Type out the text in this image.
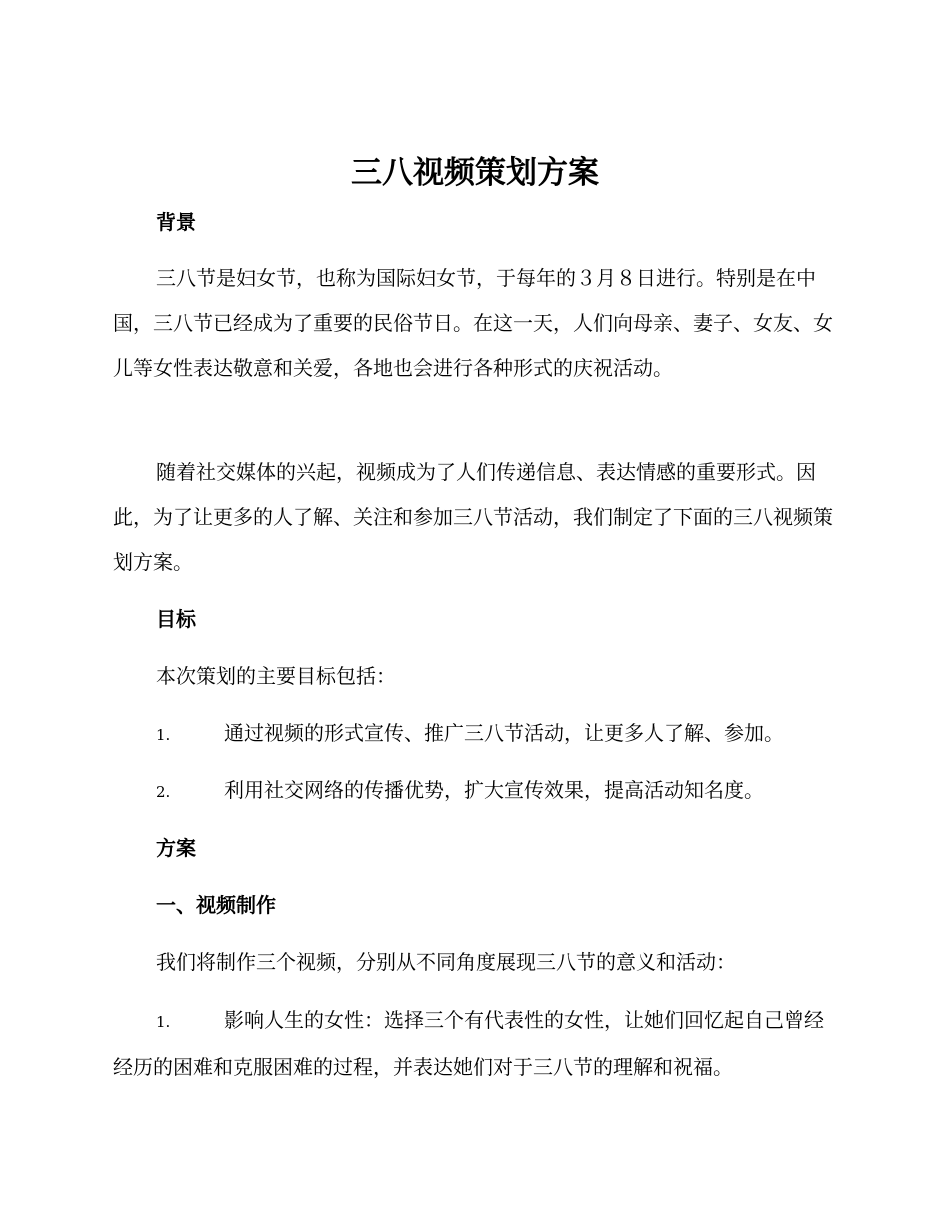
三八视频策划方案
背景

三八节是妇女节，也称为国际妇女节，于每年的３月８日进行。特别是在中国，三八节已经成为了重要的民俗节日。在这一天，人们向母亲、妻子、女友、女儿等女性表达敬意和关爱，各地也会进行各种形式的庆祝活动。

随着社交媒体的兴起，视频成为了人们传递信息、表达情感的重要形式。因此，为了让更多的人了解、关注和参加三八节活动，我们制定了下面的三八视频策划方案。

目标

本次策划的主要目标包括：

1.	通过视频的形式宣传、推广三八节活动，让更多人了解、参加。

2.	利用社交网络的传播优势，扩大宣传效果，提高活动知名度。

方案
一、视频制作

我们将制作三个视频，分别从不同角度展现三八节的意义和活动：

1.	影响人生的女性：选择三个有代表性的女性，让她们回忆起自己曾经经历的困难和克服困难的过程，并表达她们对于三八节的理解和祝福。
